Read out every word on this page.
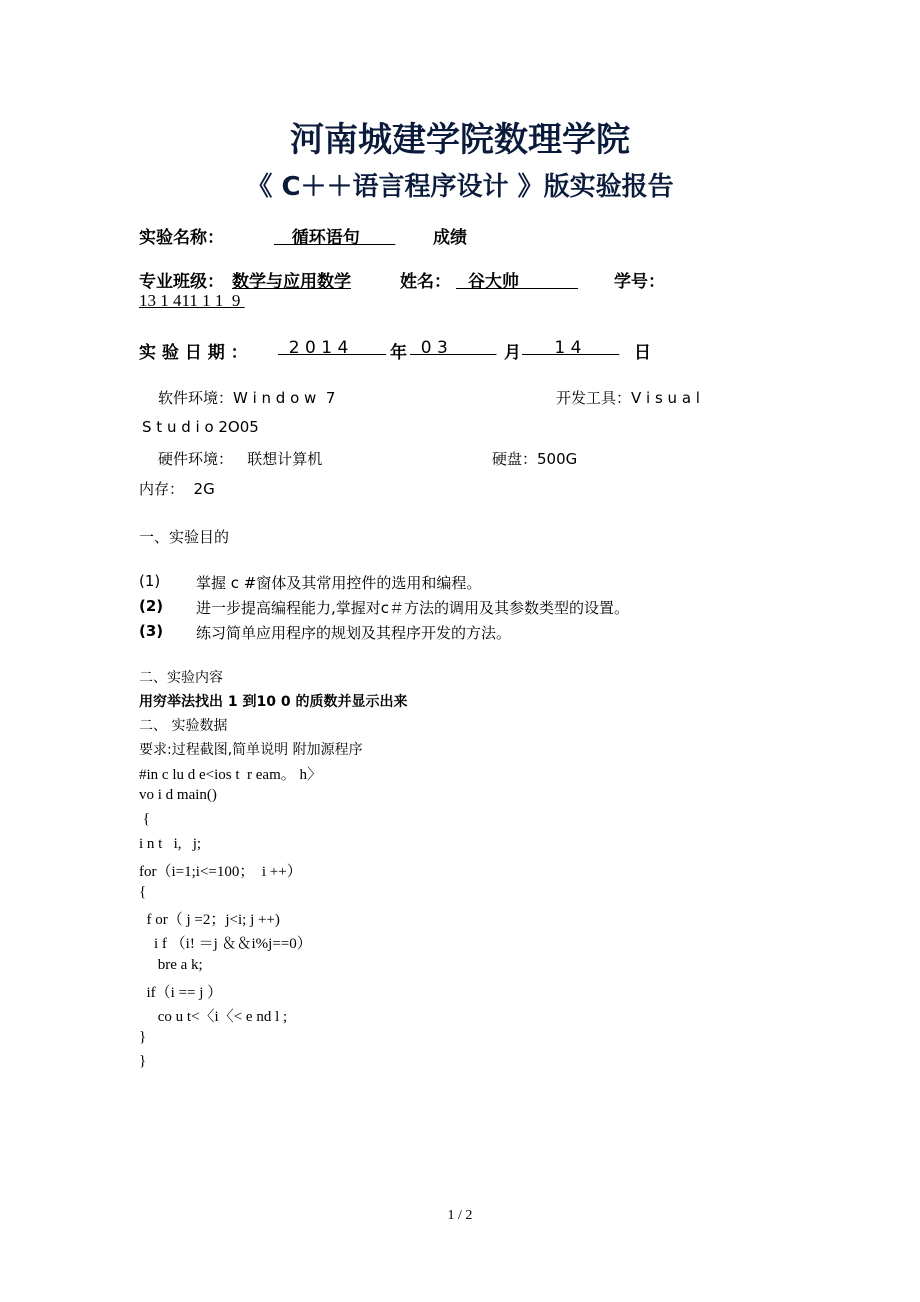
河南城建学院数理学院
《 C＋＋语言程序设计 》版实验报告
实验名称：	循环语句 成绩
专业班级： 数学与应用数学	姓名： 谷大帅 学号：
13 1 411 1 1  9
实 验 日 期 ： 2 0 1 4 年 0 3 月 1 4 日
软件环境：W i n d o w  7	开发工具：V i s u a l
S t u d i o 2O05
硬件环境：   联想计算机	硬盘：500G
内存：  2G
一、实验目的
(1) 掌握 c #窗体及其常用控件的选用和编程。
(2) 进一步提高编程能力,掌握对c＃方法的调用及其参数类型的设置。
(3) 练习简单应用程序的规划及其程序开发的方法。
二、实验内容
用穷举法找出 1 到10 0 的质数并显示出来
二、 实验数据
要求:过程截图,简单说明 附加源程序
#in c lu d e<ios t  r eam。 h〉
vo i d main()
{
i n t   i,   j;
for（i=1;i<=100；  i ++）
{
f or（ j =2；j<i; j ++)
i f （i! ＝j ＆＆i%j==0）
bre a k;
if（i == j ）
co u t<〈i〈< e nd l ;
}
}
1 / 2
